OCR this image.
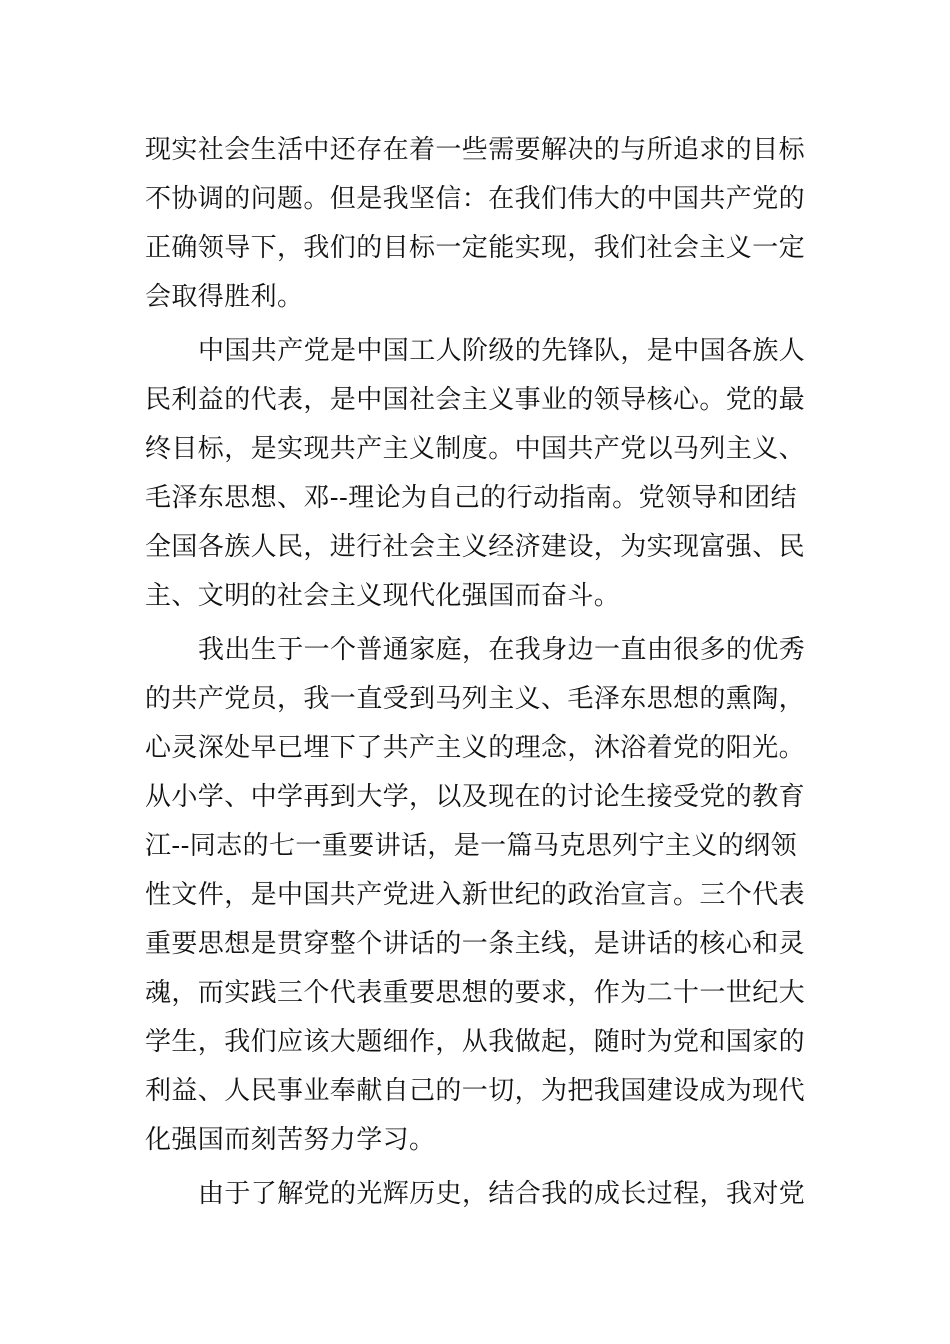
现实社会生活中还存在着一些需要解决的与所追求的目标
不协调的问题。但是我坚信：在我们伟大的中国共产党的
正确领导下，我们的目标一定能实现，我们社会主义一定
会取得胜利。
中国共产党是中国工人阶级的先锋队，是中国各族人
民利益的代表，是中国社会主义事业的领导核心。党的最
终目标，是实现共产主义制度。中国共产党以马列主义、
毛泽东思想、邓--理论为自己的行动指南。党领导和团结
全国各族人民，进行社会主义经济建设，为实现富强、民
主、文明的社会主义现代化强国而奋斗。
我出生于一个普通家庭，在我身边一直由很多的优秀
的共产党员，我一直受到马列主义、毛泽东思想的熏陶，
心灵深处早已埋下了共产主义的理念，沐浴着党的阳光。
从小学、中学再到大学，以及现在的讨论生接受党的教育
江--同志的七一重要讲话，是一篇马克思列宁主义的纲领
性文件，是中国共产党进入新世纪的政治宣言。三个代表
重要思想是贯穿整个讲话的一条主线，是讲话的核心和灵
魂，而实践三个代表重要思想的要求，作为二十一世纪大
学生，我们应该大题细作，从我做起，随时为党和国家的
利益、人民事业奉献自己的一切，为把我国建设成为现代
化强国而刻苦努力学习。
由于了解党的光辉历史，结合我的成长过程，我对党
